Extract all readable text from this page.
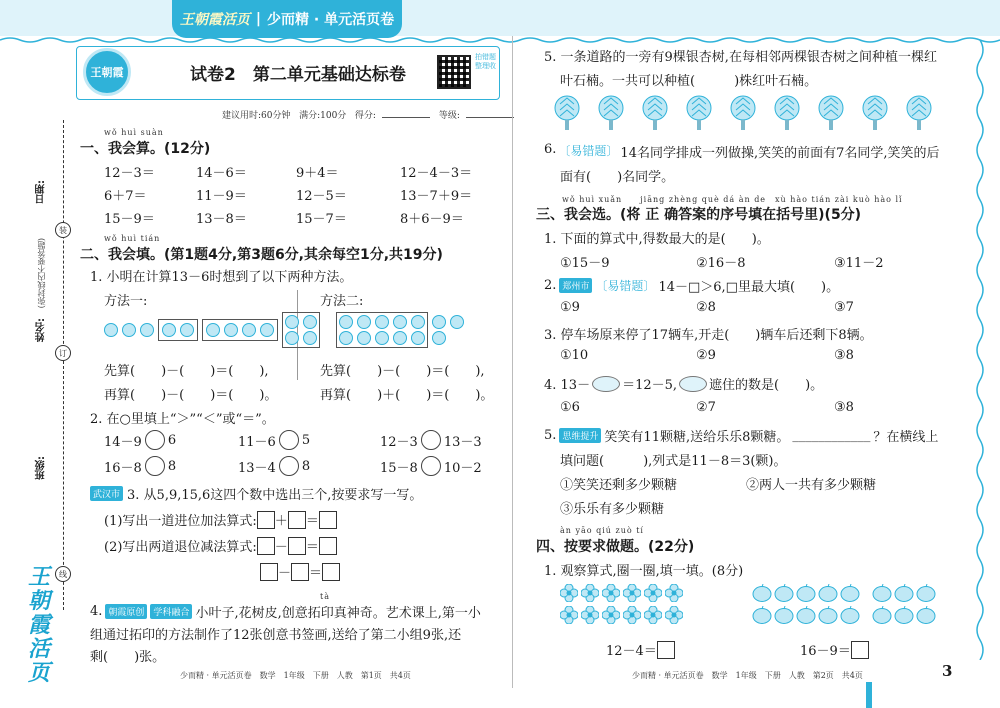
王朝霞活页 | 少而精 · 单元活页卷
王朝霞	试卷2　第二单元基础达标卷
拍错题整理收
建议用时:60分钟 满分:100分 得分:	等级:
日期:
姓名:
班级:
(弥封线内不要答题)
装
订
线
王朝霞活页
wǒ huì suàn
一、我会算。(12分)
12－3＝	14－6＝	9＋4＝	12－4－3＝
6＋7＝	11－9＝	12－5＝	13－7＋9＝
15－9＝	13－8＝	15－7＝	8＋6－9＝
wǒ huì tián
二、我会填。(第1题4分,第3题6分,其余每空1分,共19分)
1. 小明在计算13－6时想到了以下两种方法。
方法一:	方法二:
先算(　　)－(　　)＝(　　),
再算(　　)－(　　)＝(　　)。
先算(　　)－(　　)＝(　　),
再算(　　)＋(　　)＝(　　)。
2. 在○里填上“＞”“＜”或“＝”。
14－9 6	11－6 5	12－3 13－3
16－8 8	13－4 8	15－8 10－2
武汉市 3. 从5,9,15,6这四个数中选出三个,按要求写一写。
(1)写出一道进位加法算式: ＋ ＝
(2)写出两道退位减法算式: － ＝
－ ＝
tà
4. 朝霞原创	学科融合 小叶子,花树皮,创意拓印真神奇。艺术课上,第一小
组通过拓印的方法制作了12张创意书签画,送给了第二小组9张,还
剩(　　)张。
少而精 · 单元活页卷　数学　1年级　下册　人教　第1页　共4页
5. 一条道路的一旁有9棵银杏树,在每相邻两棵银杏树之间种植一棵红
叶石楠。一共可以种植(　　　)株红叶石楠。
6. 〔易错题〕 14名同学排成一列做操,笑笑的前面有7名同学,笑笑的后
面有(　　)名同学。
wǒ huì xuǎn　　jiāng zhèng què dá àn de　xù hào tián zài kuò hào lǐ
三、我会选。(将 正 确答案的序号填在括号里)(5分)
1. 下面的算式中,得数最大的是(　　)。
①15－9	②16－8	③11－2
2. 郑州市 〔易错题〕 14－□＞6,□里最大填(　　)。
①9	②8	③7
3. 停车场原来停了17辆车,开走(　　)辆车后还剩下8辆。
①10	②9	③8
4. 13－ ＝12－5, 遮住的数是(　　)。
①6	②7	③8
5. 思维提升 笑笑有11颗糖,送给乐乐8颗糖。 ____________ ？在横线上
填问题(　　　),列式是11－8＝3(颗)。
①笑笑还剩多少颗糖	②两人一共有多少颗糖
③乐乐有多少颗糖
àn yāo qiú zuò tí
四、按要求做题。(22分)
1. 观察算式,圈一圈,填一填。(8分)
12－4＝	16－9＝
少而精 · 单元活页卷　数学　1年级　下册　人教　第2页　共4页	3
